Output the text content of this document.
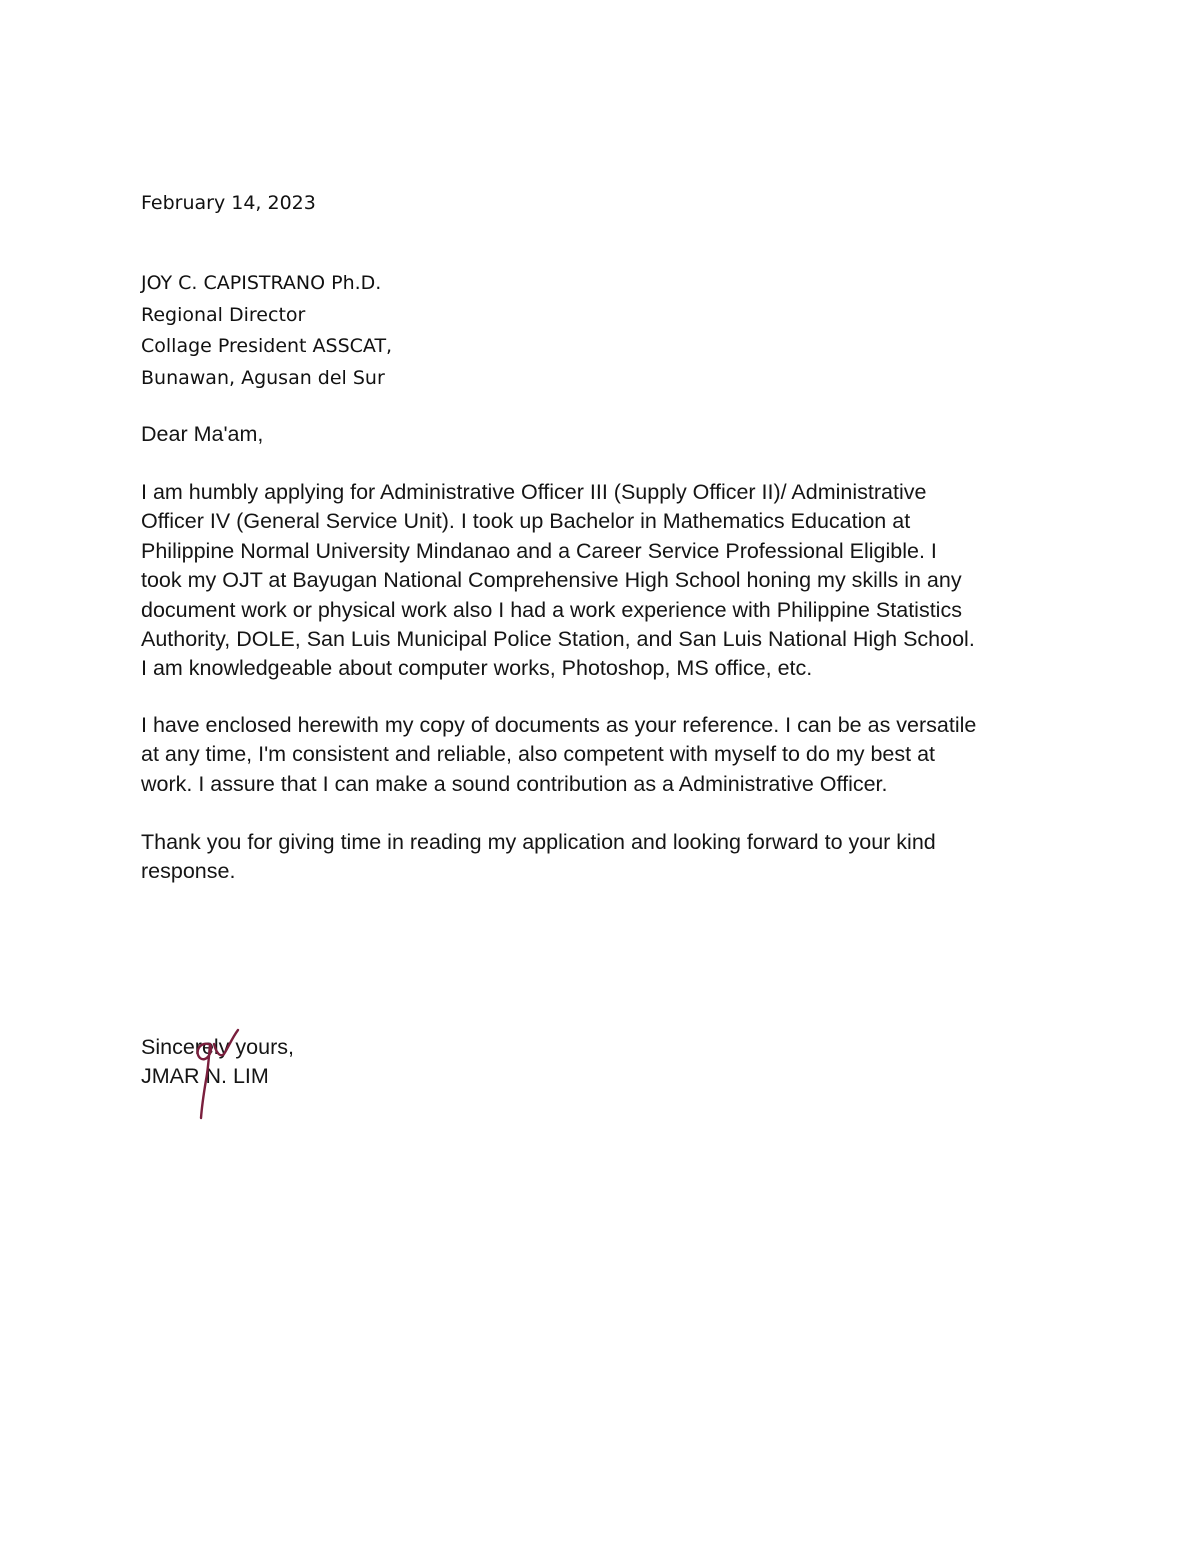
February 14, 2023
JOY C. CAPISTRANO Ph.D.
Regional Director
Collage President ASSCAT,
Bunawan, Agusan del Sur
Dear Ma'am,
I am humbly applying for Administrative Officer III (Supply Officer II)/ Administrative
Officer IV (General Service Unit). I took up Bachelor in Mathematics Education at
Philippine Normal University Mindanao and a Career Service Professional Eligible. I
took my OJT at Bayugan National Comprehensive High School honing my skills in any
document work or physical work also I had a work experience with Philippine Statistics
Authority, DOLE, San Luis Municipal Police Station, and San Luis National High School.
I am knowledgeable about computer works, Photoshop, MS office, etc.
I have enclosed herewith my copy of documents as your reference. I can be as versatile
at any time, I'm consistent and reliable, also competent with myself to do my best at
work. I assure that I can make a sound contribution as a Administrative Officer.
Thank you for giving time in reading my application and looking forward to your kind
response.
Sincerely yours,
JMAR N. LIM
